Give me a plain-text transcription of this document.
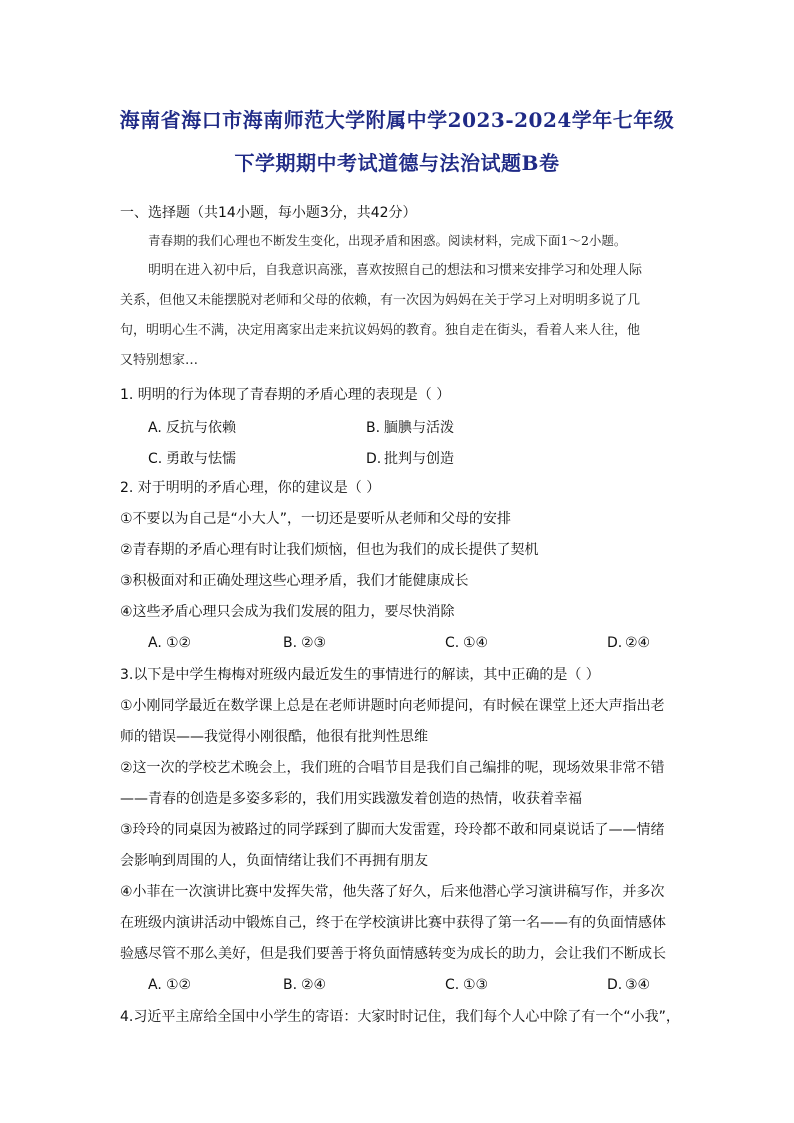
海南省海口市海南师范大学附属中学2023-2024学年七年级
下学期期中考试道德与法治试题B卷
一、选择题（共14小题，每小题3分，共42分）
青春期的我们心理也不断发生变化，出现矛盾和困惑。阅读材料，完成下面1～2小题。
明明在进入初中后，自我意识高涨，喜欢按照自己的想法和习惯来安排学习和处理人际
关系，但他又未能摆脱对老师和父母的依赖，有一次因为妈妈在关于学习上对明明多说了几
句，明明心生不满，决定用离家出走来抗议妈妈的教育。独自走在街头，看着人来人往，他
又特别想家…
1. 明明的行为体现了青春期的矛盾心理的表现是（ ）
A. 反抗与依赖	B. 腼腆与活泼
C. 勇敢与怯懦	D. 批判与创造
2. 对于明明的矛盾心理，你的建议是（ ）
①不要以为自己是“小大人”，一切还是要听从老师和父母的安排
②青春期的矛盾心理有时让我们烦恼，但也为我们的成长提供了契机
③积极面对和正确处理这些心理矛盾，我们才能健康成长
④这些矛盾心理只会成为我们发展的阻力，要尽快消除
A. ①②	B. ②③	C. ①④	D. ②④
3.以下是中学生梅梅对班级内最近发生的事情进行的解读，其中正确的是（ ）
①小刚同学最近在数学课上总是在老师讲题时向老师提问，有时候在课堂上还大声指出老
师的错误——我觉得小刚很酷，他很有批判性思维
②这一次的学校艺术晚会上，我们班的合唱节目是我们自己编排的呢，现场效果非常不错
——青春的创造是多姿多彩的，我们用实践激发着创造的热情，收获着幸福
③玲玲的同桌因为被路过的同学踩到了脚而大发雷霆，玲玲都不敢和同桌说话了——情绪
会影响到周围的人，负面情绪让我们不再拥有朋友
④小菲在一次演讲比赛中发挥失常，他失落了好久，后来他潜心学习演讲稿写作，并多次
在班级内演讲活动中锻炼自己，终于在学校演讲比赛中获得了第一名——有的负面情感体
验感尽管不那么美好，但是我们要善于将负面情感转变为成长的助力，会让我们不断成长
A. ①②	B. ②④	C. ①③	D. ③④
4.习近平主席给全国中小学生的寄语：大家时时记住，我们每个人心中除了有一个“小我”，
